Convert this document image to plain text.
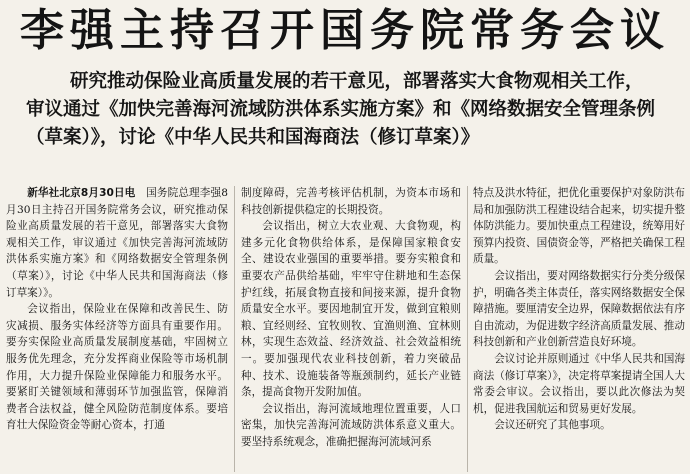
李强主持召开国务院常务会议
研究推动保险业高质量发展的若干意见，部署落实大食物观相关工作，
审议通过《加快完善海河流域防洪体系实施方案》和《网络数据安全管理条例
（草案）》，讨论《中华人民共和国海商法（修订草案）》

新华社北京8月30日电　 国务院总理李强8月30日主持召开国务院常务会议，研究推动保险业高质量发展的若干意见，部署落实大食物观相关工作，审议通过《加快完善海河流域防洪体系实施方案》和《网络数据安全管理条例（草案）》，讨论《中华人民共和国海商法（修订草案）》。

会议指出，保险业在保障和改善民生、防灾减损、服务实体经济等方面具有重要作用。要夯实保险业高质量发展制度基础，牢固树立服务优先理念，充分发挥商业保险等市场机制作用，大力提升保险业保障能力和服务水平。要紧盯关键领域和薄弱环节加强监管，保障消费者合法权益，健全风险防范制度体系。要培育壮大保险资金等耐心资本，打通

制度障碍，完善考核评估机制，为资本市场和科技创新提供稳定的长期投资。

会议指出，树立大农业观、大食物观，构建多元化食物供给体系，是保障国家粮食安全、建设农业强国的重要举措。要夯实粮食和重要农产品供给基础，牢牢守住耕地和生态保护红线，拓展食物直接和间接来源，提升食物质量安全水平。要因地制宜开发，做到宜粮则粮、宜经则经、宜牧则牧、宜渔则渔、宜林则林，实现生态效益、经济效益、社会效益相统一。要加强现代农业科技创新，着力突破品种、技术、设施装备等瓶颈制约，延长产业链条，提高食物开发附加值。

会议指出，海河流域地理位置重要，人口密集，加快完善海河流域防洪体系意义重大。要坚持系统观念，准确把握海河流域河系

特点及洪水特征，把优化重要保护对象防洪布局和加强防洪工程建设结合起来，切实提升整体防洪能力。要加快重点工程建设，统筹用好预算内投资、国债资金等，严格把关确保工程质量。

会议指出，要对网络数据实行分类分级保护，明确各类主体责任，落实网络数据安全保障措施。要厘清安全边界，保障数据依法有序自由流动，为促进数字经济高质量发展、推动科技创新和产业创新营造良好环境。

会议讨论并原则通过《中华人民共和国海商法（修订草案）》，决定将草案提请全国人大常委会审议。会议指出，要以此次修法为契机，促进我国航运和贸易更好发展。

会议还研究了其他事项。
